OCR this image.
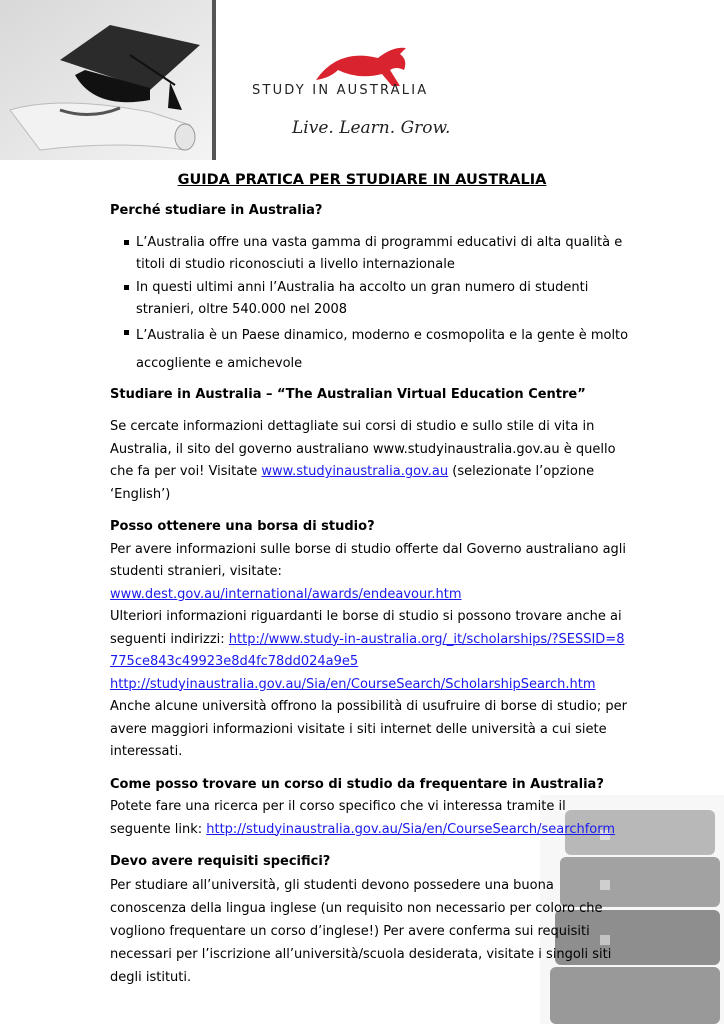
STUDY IN AUSTRALIA
Live. Learn. Grow.
GUIDA PRATICA PER STUDIARE IN AUSTRALIA

Perché studiare in Australia?

L’Australia offre una vasta gamma di programmi educativi di alta qualità e titoli di studio riconosciuti a livello internazionale
In questi ultimi anni l’Australia ha accolto un gran numero di studenti stranieri, oltre 540.000 nel 2008
L’Australia è un Paese dinamico, moderno e cosmopolita e la gente è molto accogliente e amichevole

Studiare in Australia – “The Australian Virtual Education Centre”

Se cercate informazioni dettagliate sui corsi di studio e sullo stile di vita in Australia, il sito del governo australiano www.studyinaustralia.gov.au è quello che fa per voi! Visitate www.studyinaustralia.gov.au (selezionate l’opzione ‘English’)

Posso ottenere una borsa di studio?

Per avere informazioni sulle borse di studio offerte dal Governo australiano agli studenti stranieri, visitate: www.dest.gov.au/international/awards/endeavour.htm

Ulteriori informazioni riguardanti le borse di studio si possono trovare anche ai seguenti indirizzi: http://www.study-in-australia.org/_it/scholarships/?SESSID=8775ce843c49923e8d4fc78dd024a9e5

http://studyinaustralia.gov.au/Sia/en/CourseSearch/ScholarshipSearch.htm

Anche alcune università offrono la possibilità di usufruire di borse di studio; per avere maggiori informazioni visitate i siti internet delle università a cui siete interessati.

Come posso trovare un corso di studio da frequentare in Australia?

Potete fare una ricerca per il corso specifico che vi interessa tramite il seguente link: http://studyinaustralia.gov.au/Sia/en/CourseSearch/searchform

Devo avere requisiti specifici?

Per studiare all’università, gli studenti devono possedere una buona conoscenza della lingua inglese (un requisito non necessario per coloro che vogliono frequentare un corso d’inglese!) Per avere conferma sui requisiti necessari per l’iscrizione all’università/scuola desiderata, visitate i singoli siti degli istituti.
